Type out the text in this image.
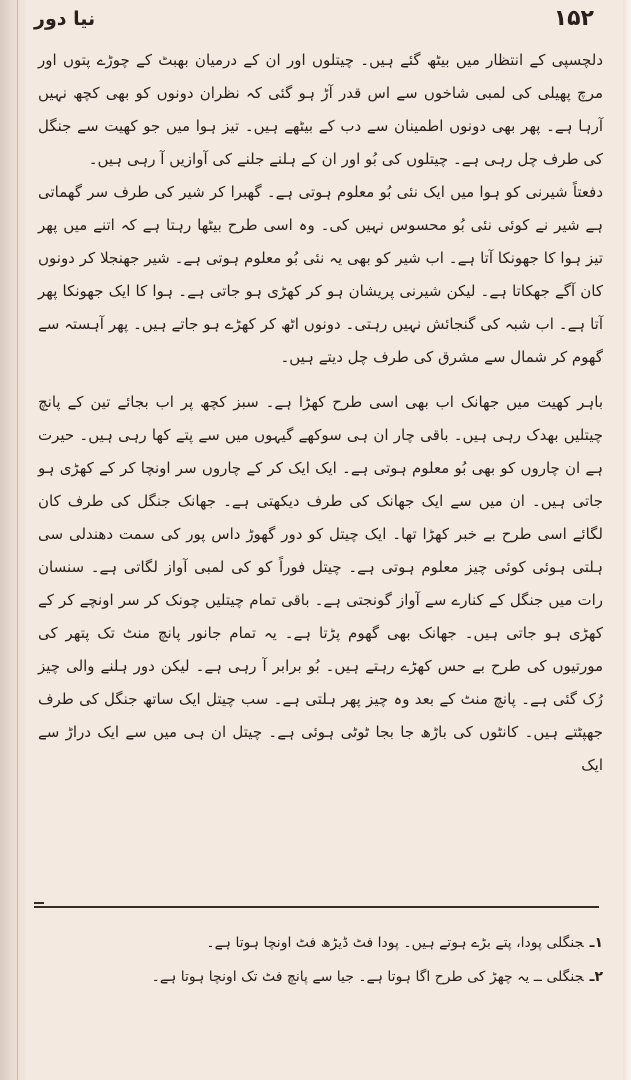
نیا دور	۱۵۲

دلچسپی کے انتظار میں بیٹھ گئے ہیں۔ چیتلوں اور ان کے درمیان بھبٹ کے چوڑے پتوں اور مرچ پھیلی کی لمبی شاخوں سے اس قدر آڑ ہو گئی کہ نظران دونوں کو بھی کچھ نہیں آرہا ہے۔ پھر بھی دونوں اطمینان سے دب کے بیٹھے ہیں۔ تیز ہوا میں جو کھیت سے جنگل کی طرف چل رہی ہے۔ چیتلوں کی بُو اور ان کے ہلنے جلنے کی آوازیں آ رہی ہیں۔

دفعتاً شیرنی کو ہوا میں ایک نئی بُو معلوم ہوتی ہے۔ گھبرا کر شیر کی طرف سر گھماتی ہے شیر نے کوئی نئی بُو محسوس نہیں کی۔ وہ اسی طرح بیٹھا رہتا ہے کہ اتنے میں پھر تیز ہوا کا جھونکا آتا ہے۔ اب شیر کو بھی یہ نئی بُو معلوم ہوتی ہے۔ شیر جھنجلا کر دونوں کان آگے جھکاتا ہے۔ لیکن شیرنی پریشان ہو کر کھڑی ہو جاتی ہے۔ ہوا کا ایک جھونکا پھر آتا ہے۔ اب شبہ کی گنجائش نہیں رہتی۔ دونوں اٹھ کر کھڑے ہو جاتے ہیں۔ پھر آہستہ سے گھوم کر شمال سے مشرق کی طرف چل دیتے ہیں۔

باہر کھیت میں جھانک اب بھی اسی طرح کھڑا ہے۔ سبز کچھ پر اب بجائے تین کے پانچ چیتلیں بھدک رہی ہیں۔ باقی چار ان ہی سوکھے گیہوں میں سے پتے کھا رہی ہیں۔ حیرت ہے ان چاروں کو بھی بُو معلوم ہوتی ہے۔ ایک ایک کر کے چاروں سر اونچا کر کے کھڑی ہو جاتی ہیں۔ ان میں سے ایک جھانک کی طرف دیکھتی ہے۔ جھانک جنگل کی طرف کان لگائے اسی طرح بے خبر کھڑا تھا۔ ایک چیتل کو دور گھوڑ داس پور کی سمت دھندلی سی ہلتی ہوئی کوئی چیز معلوم ہوتی ہے۔ چیتل فوراً کو کی لمبی آواز لگاتی ہے۔ سنسان رات میں جنگل کے کنارے سے آواز گونجتی ہے۔ باقی تمام چیتلیں چونک کر سر اونچے کر کے کھڑی ہو جاتی ہیں۔ جھانک بھی گھوم پڑتا ہے۔ یہ تمام جانور پانچ منٹ تک پتھر کی مورتیوں کی طرح بے حس کھڑے رہتے ہیں۔ بُو برابر آ رہی ہے۔ لیکن دور ہلنے والی چیز رُک گئی ہے۔ پانچ منٹ کے بعد وہ چیز پھر ہلتی ہے۔ سب چیتل ایک ساتھ جنگل کی طرف جھپٹتے ہیں۔ کانٹوں کی باڑھ جا بجا ٹوٹی ہوئی ہے۔ چیتل ان ہی میں سے ایک دراڑ سے ایک

۱ـجنگلی پودا، پتے بڑے ہوتے ہیں۔ پودا فٹ ڈیڑھ فٹ اونچا ہوتا ہے۔

۲ـجنگلی ــ یہ چھڑ کی طرح اگا ہوتا ہے۔ جیا سے پانچ فٹ تک اونچا ہوتا ہے۔
